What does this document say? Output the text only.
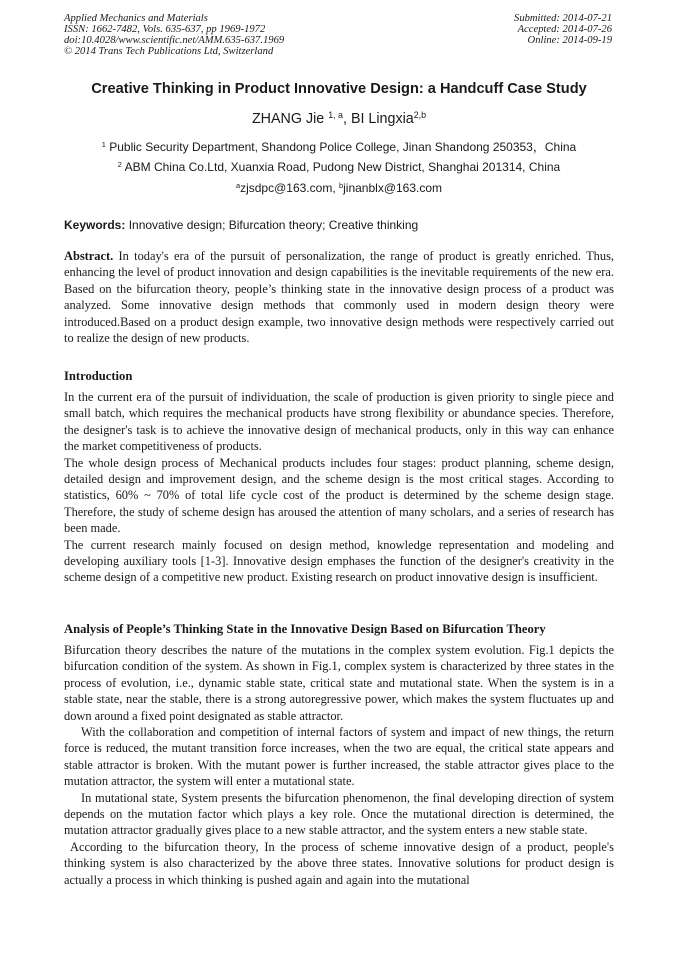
Applied Mechanics and Materials
ISSN: 1662-7482, Vols. 635-637, pp 1969-1972
doi:10.4028/www.scientific.net/AMM.635-637.1969
© 2014 Trans Tech Publications Ltd, Switzerland
Submitted: 2014-07-21
Accepted: 2014-07-26
Online: 2014-09-19
Creative Thinking in Product Innovative Design: a Handcuff Case Study
ZHANG Jie $^{1, a}$, BI Lingxia$^{2,b}$
$^1$ Public Security Department, Shandong Police College, Jinan Shandong 250353，China
$^2$ ABM China Co.Ltd, Xuanxia Road, Pudong New District, Shanghai 201314, China
$^a$zjsdpc@163.com, $^b$jinanblx@163.com
Keywords: Innovative design; Bifurcation theory; Creative thinking

Abstract. In today's era of the pursuit of personalization, the range of product is greatly enriched. Thus, enhancing the level of product innovation and design capabilities is the inevitable requirements of the new era. Based on the bifurcation theory, people’s thinking state in the innovative design process of a product was analyzed. Some innovative design methods that commonly used in modern design theory were introduced.Based on a product design example, two innovative design methods were respectively carried out to realize the design of new products.

Introduction

In the current era of the pursuit of individuation, the scale of production is given priority to single piece and small batch, which requires the mechanical products have strong flexibility or abundance species. Therefore, the designer's task is to achieve the innovative design of mechanical products, only in this way can enhance the market competitiveness of products.

The whole design process of Mechanical products includes four stages: product planning, scheme design, detailed design and improvement design, and the scheme design is the most critical stages. According to statistics, 60% ~ 70% of total life cycle cost of the product is determined by the scheme design stage. Therefore, the study of scheme design has aroused the attention of many scholars, and a series of research has been made.

The current research mainly focused on design method, knowledge representation and modeling and developing auxiliary tools [1-3]. Innovative design emphases the function of the designer's creativity in the scheme design of a competitive new product. Existing research on product innovative design is insufficient.

Analysis of People’s Thinking State in the Innovative Design Based on Bifurcation Theory

Bifurcation theory describes the nature of the mutations in the complex system evolution. Fig.1 depicts the bifurcation condition of the system. As shown in Fig.1, complex system is characterized by three states in the process of evolution, i.e., dynamic stable state, critical state and mutational state. When the system is in a stable state, near the stable, there is a strong autoregressive power, which makes the system fluctuates up and down around a fixed point designated as stable attractor.

With the collaboration and competition of internal factors of system and impact of new things, the return force is reduced, the mutant transition force increases, when the two are equal, the critical state appears and stable attractor is broken. With the mutant power is further increased, the stable attractor gives place to the mutation attractor, the system will enter a mutational state.

In mutational state, System presents the bifurcation phenomenon, the final developing direction of system depends on the mutation factor which plays a key role. Once the mutational direction is determined, the mutation attractor gradually gives place to a new stable attractor, and the system enters a new stable state.

According to the bifurcation theory, In the process of scheme innovative design of a product, people's thinking system is also characterized by the above three states. Innovative solutions for product design is actually a process in which thinking is pushed again and again into the mutational
